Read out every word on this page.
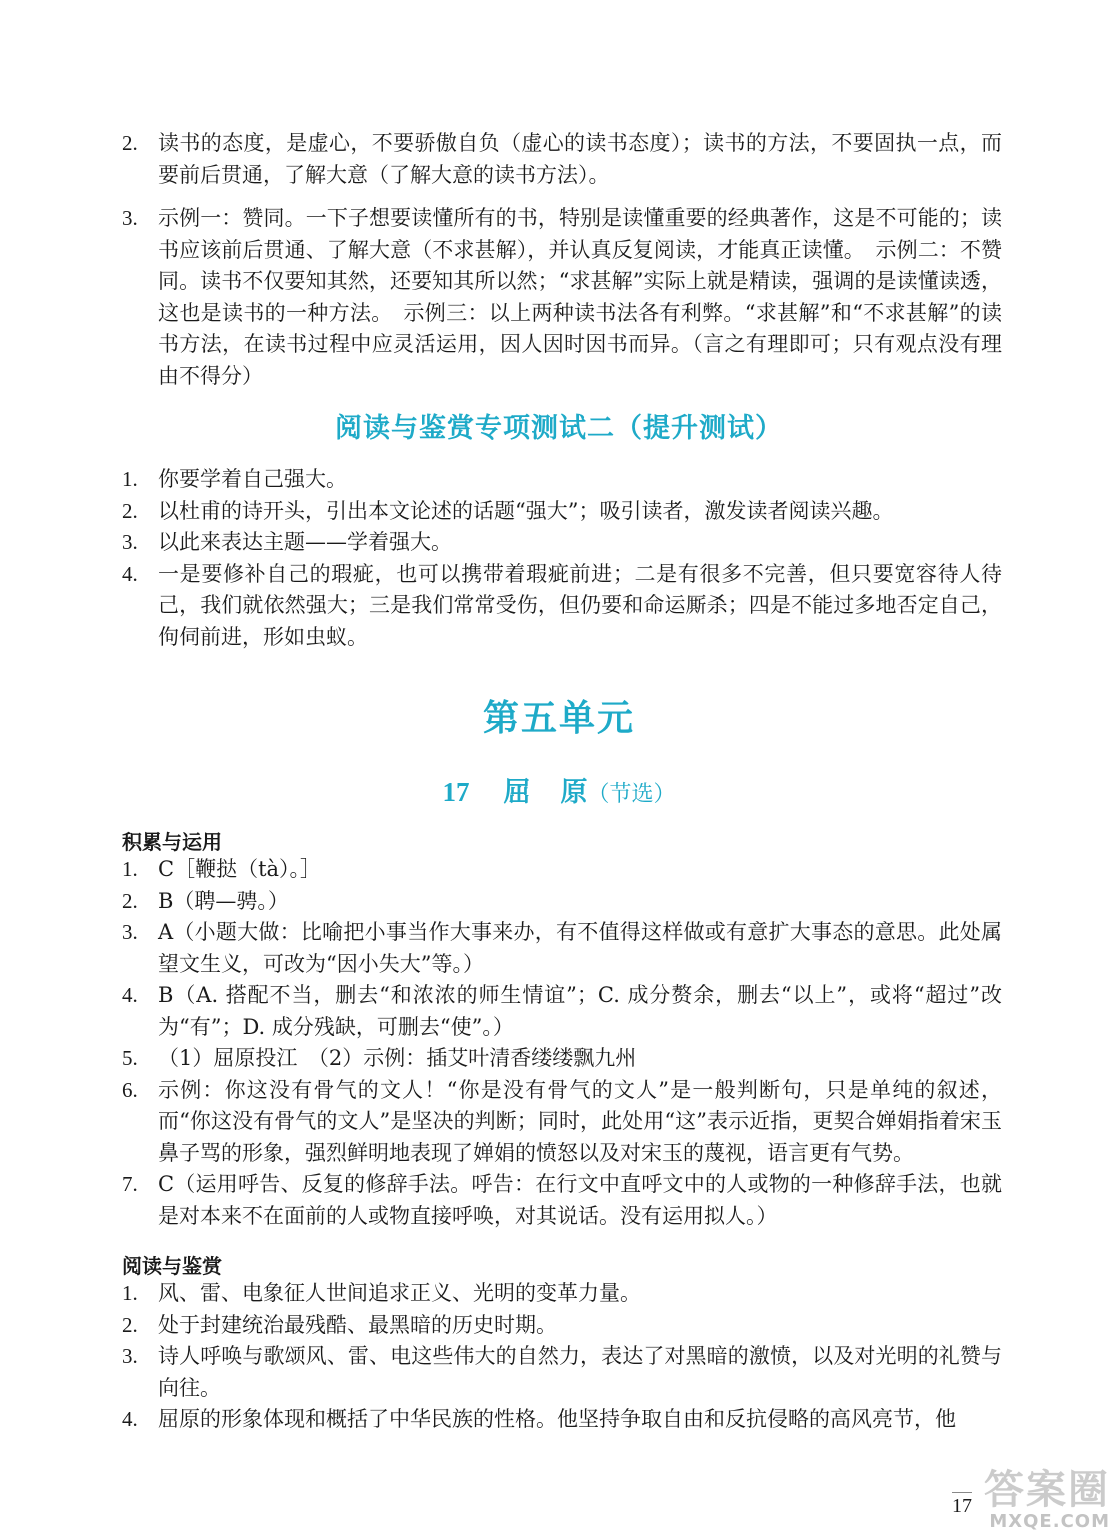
2. 读书的态度，是虚心，不要骄傲自负（虚心的读书态度）；读书的方法，不要固执一点，而要前后贯通，了解大意（了解大意的读书方法）。
3. 示例一：赞同。一下子想要读懂所有的书，特别是读懂重要的经典著作，这是不可能的；读书应该前后贯通、了解大意（不求甚解），并认真反复阅读，才能真正读懂。　示例二：不赞同。读书不仅要知其然，还要知其所以然；“求甚解”实际上就是精读，强调的是读懂读透，这也是读书的一种方法。　示例三：以上两种读书法各有利弊。“求甚解”和“不求甚解”的读书方法，在读书过程中应灵活运用，因人因时因书而异。（言之有理即可；只有观点没有理由不得分）
阅读与鉴赏专项测试二（提升测试）
1. 你要学着自己强大。
2. 以杜甫的诗开头，引出本文论述的话题“强大”；吸引读者，激发读者阅读兴趣。
3. 以此来表达主题——学着强大。
4. 一是要修补自己的瑕疵，也可以携带着瑕疵前进；二是有很多不完善，但只要宽容待人待己，我们就依然强大；三是我们常常受伤，但仍要和命运厮杀；四是不能过多地否定自己，佝伺前进，形如虫蚁。
第五单元
17 屈 原（节选）
积累与运用
1. C［鞭挞（tà）。］
2. B（聘—骋。）
3. A（小题大做：比喻把小事当作大事来办，有不值得这样做或有意扩大事态的意思。此处属望文生义，可改为“因小失大”等。）
4. B（A. 搭配不当，删去“和浓浓的师生情谊”；C. 成分赘余，删去“以上”，或将“超过”改为“有”；D. 成分残缺，可删去“使”。）
5. （1）屈原投江　（2）示例：插艾叶清香缕缕飘九州
6. 示例：你这没有骨气的文人！“你是没有骨气的文人”是一般判断句，只是单纯的叙述，而“你这没有骨气的文人”是坚决的判断；同时，此处用“这”表示近指，更契合婵娟指着宋玉鼻子骂的形象，强烈鲜明地表现了婵娟的愤怒以及对宋玉的蔑视，语言更有气势。
7. C（运用呼告、反复的修辞手法。呼告：在行文中直呼文中的人或物的一种修辞手法，也就是对本来不在面前的人或物直接呼唤，对其说话。没有运用拟人。）
阅读与鉴赏
1. 风、雷、电象征人世间追求正义、光明的变革力量。
2. 处于封建统治最残酷、最黑暗的历史时期。
3. 诗人呼唤与歌颂风、雷、电这些伟大的自然力，表达了对黑暗的激愤，以及对光明的礼赞与向往。
4. 屈原的形象体现和概括了中华民族的性格。他坚持争取自由和反抗侵略的高风亮节，他
17 答案圈
MXQE.COM
